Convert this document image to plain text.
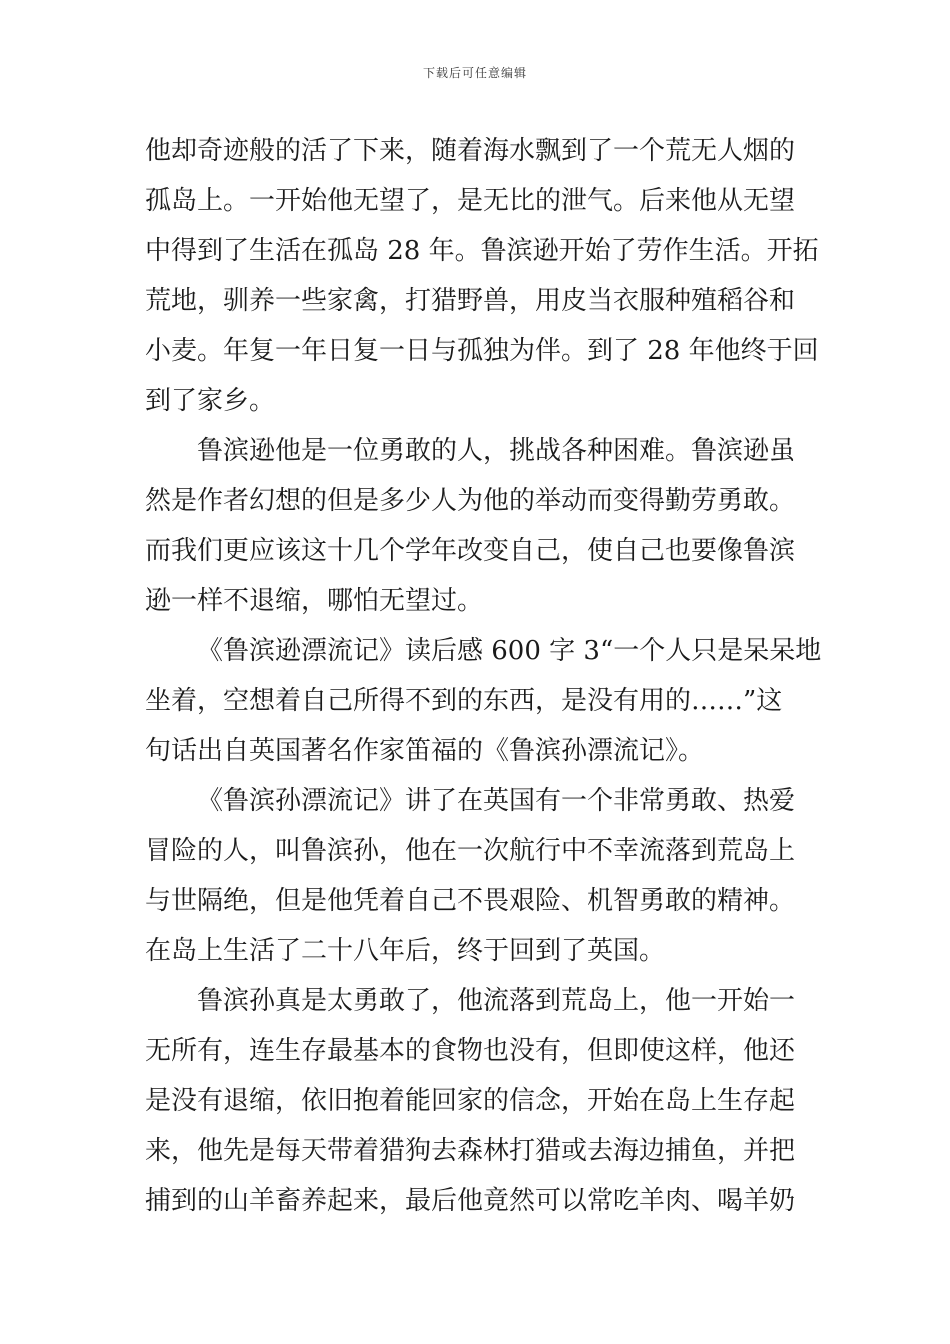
下载后可任意编辑
他却奇迹般的活了下来，随着海水飘到了一个荒无人烟的
孤岛上。一开始他无望了，是无比的泄气。后来他从无望
中得到了生活在孤岛 28 年。鲁滨逊开始了劳作生活。开拓
荒地，驯养一些家禽，打猎野兽，用皮当衣服种殖稻谷和
小麦。年复一年日复一日与孤独为伴。到了 28 年他终于回
到了家乡。
鲁滨逊他是一位勇敢的人，挑战各种困难。鲁滨逊虽
然是作者幻想的但是多少人为他的举动而变得勤劳勇敢。
而我们更应该这十几个学年改变自己，使自己也要像鲁滨
逊一样不退缩，哪怕无望过。
《鲁滨逊漂流记》读后感 600 字 3“一个人只是呆呆地
坐着，空想着自己所得不到的东西，是没有用的……”这
句话出自英国著名作家笛福的《鲁滨孙漂流记》。
《鲁滨孙漂流记》讲了在英国有一个非常勇敢、热爱
冒险的人，叫鲁滨孙，他在一次航行中不幸流落到荒岛上
与世隔绝，但是他凭着自己不畏艰险、机智勇敢的精神。
在岛上生活了二十八年后，终于回到了英国。
鲁滨孙真是太勇敢了，他流落到荒岛上，他一开始一
无所有，连生存最基本的食物也没有，但即使这样，他还
是没有退缩，依旧抱着能回家的信念，开始在岛上生存起
来，他先是每天带着猎狗去森林打猎或去海边捕鱼，并把
捕到的山羊畜养起来，最后他竟然可以常吃羊肉、喝羊奶
